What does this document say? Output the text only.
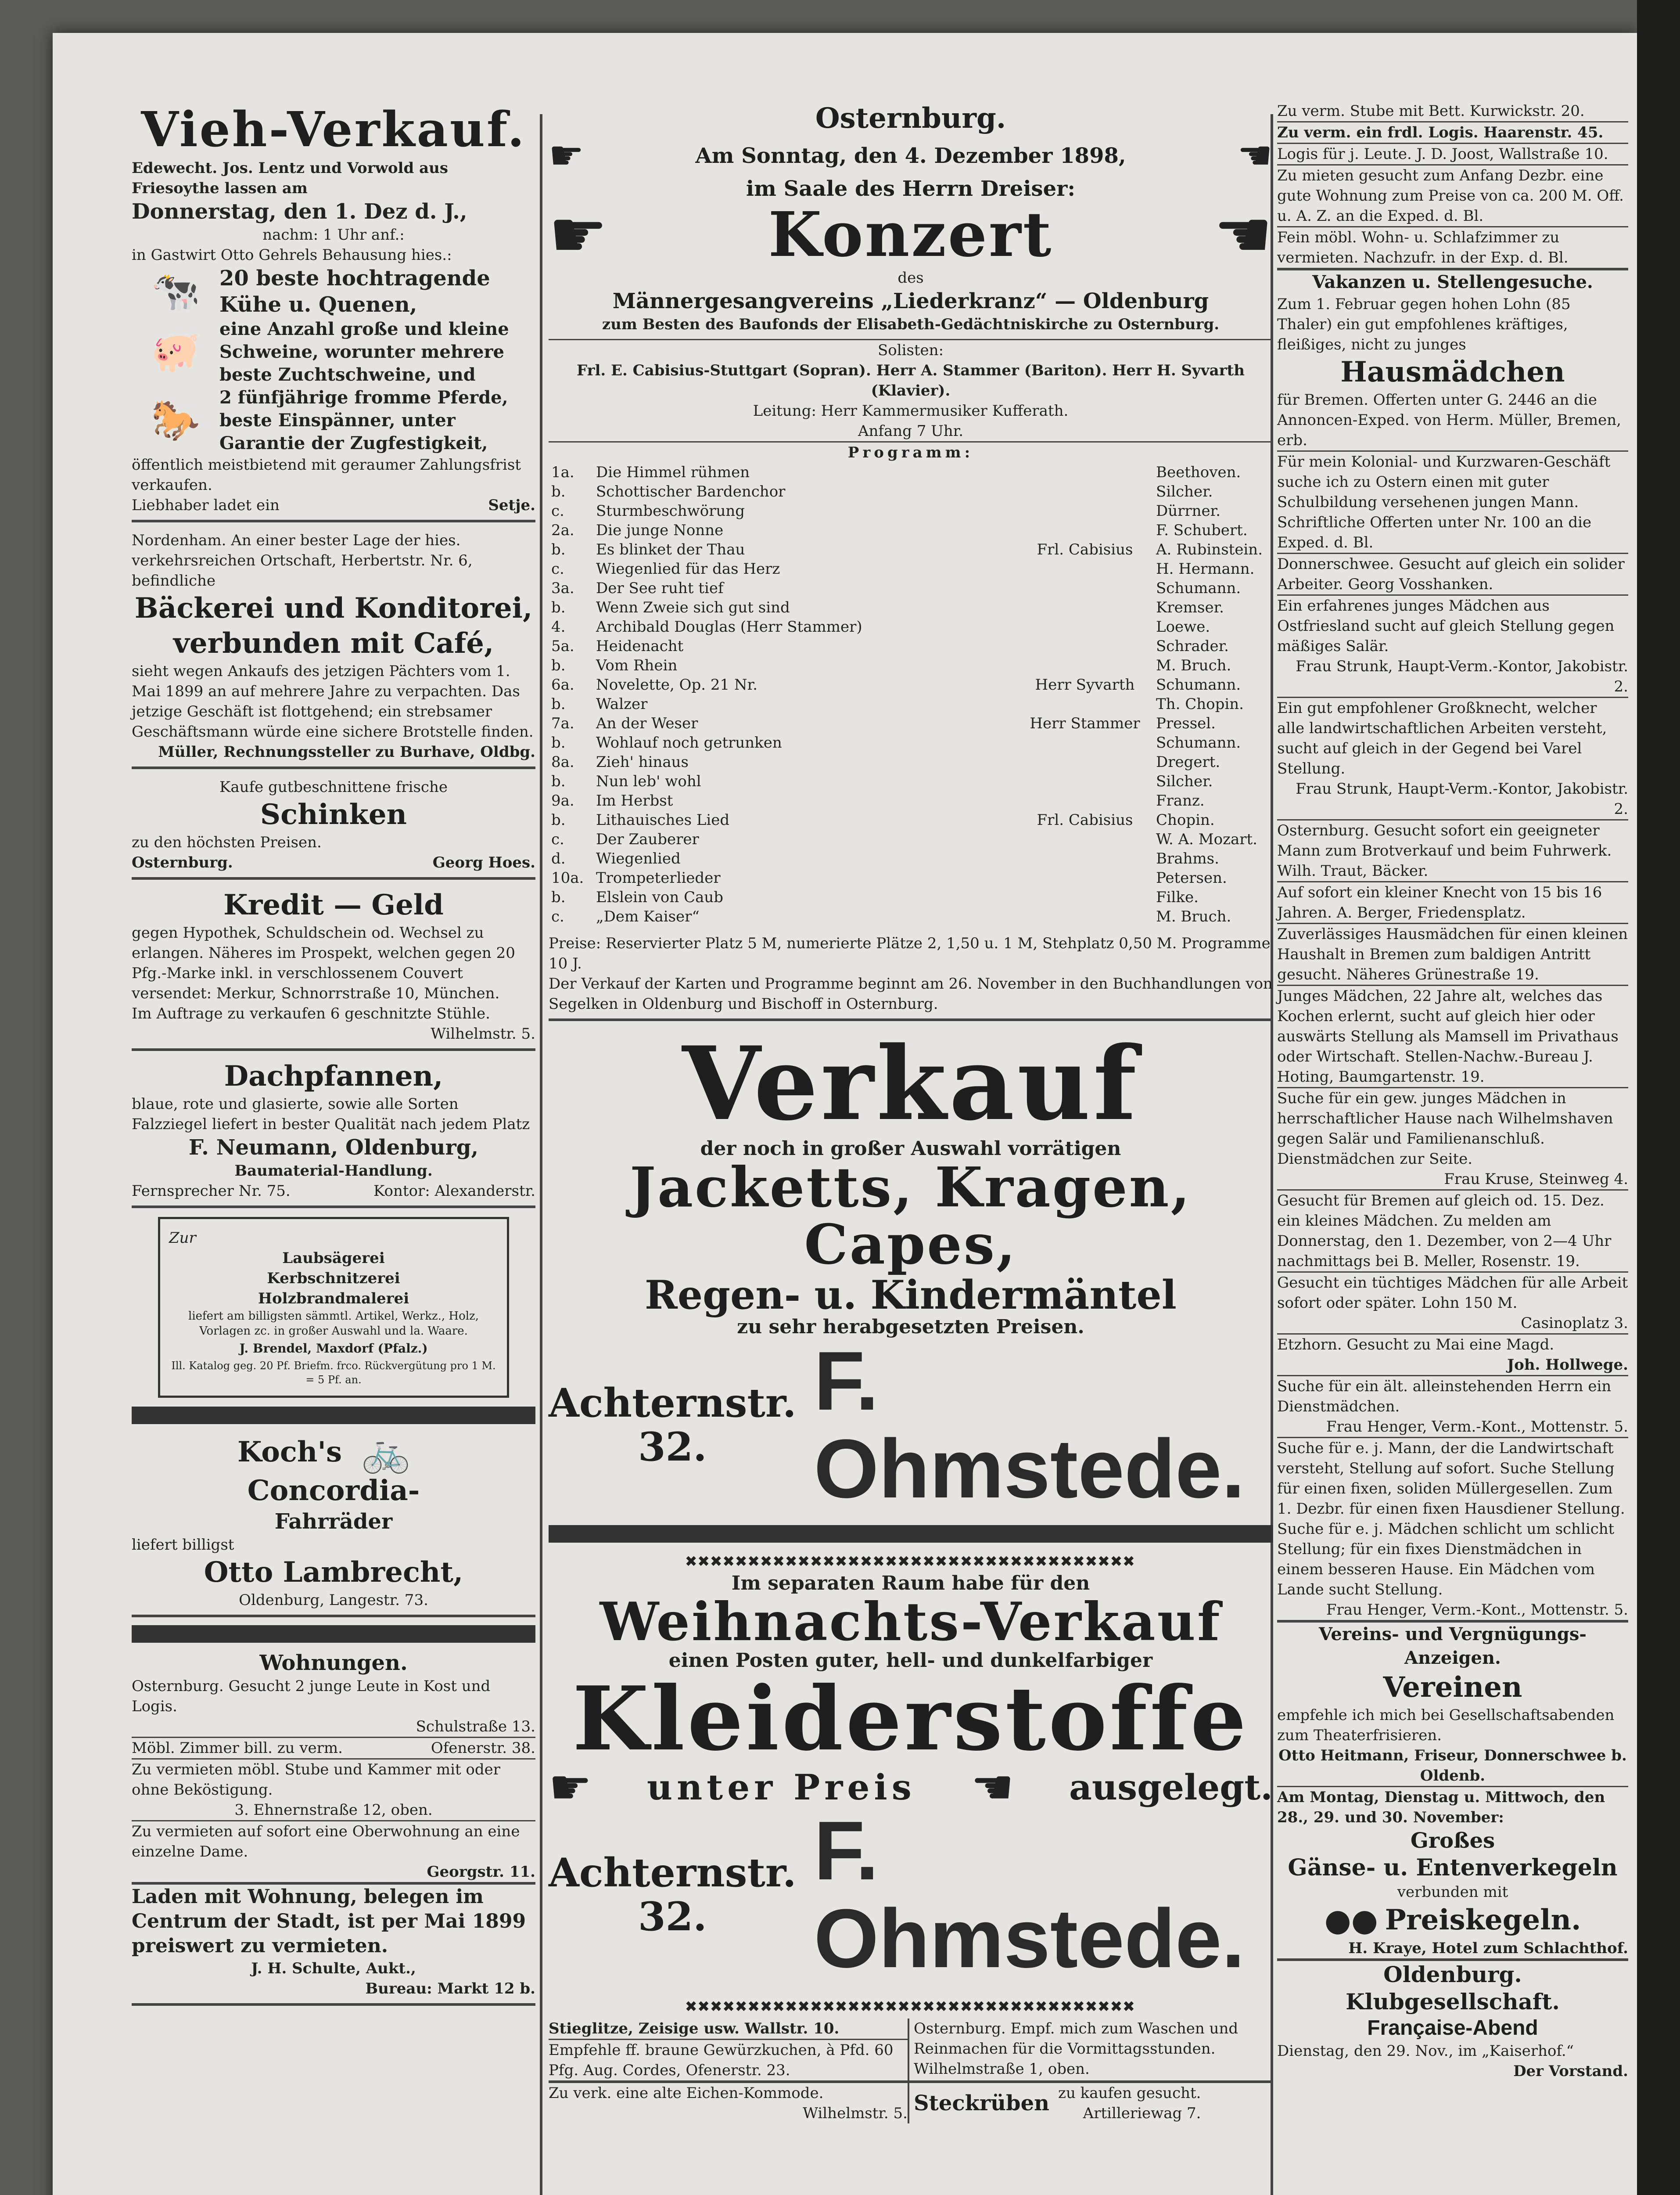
Vieh-Verkauf.

Edewecht. Jos. Lentz und Vorwold aus Friesoythe lassen am

Donnerstag, den 1. Dez d. J.,

nachm: 1 Uhr anf.:

in Gastwirt Otto Gehrels Behausung hies.:

🐄 20 beste hochtragende Kühe u. Quenen,

🐖	eine Anzahl große und kleine Schweine, worunter mehrere beste Zuchtschweine, und

🐎	2 fünfjährige fromme Pferde, beste Einspänner, unter Garantie der Zugfestigkeit,

öffentlich meistbietend mit geraumer Zahlungsfrist verkaufen.

Liebhaber ladet ein	Setje.

Nordenham. An einer bester Lage der hies. verkehrsreichen Ortschaft, Herbertstr. Nr. 6, befindliche

Bäckerei und Konditorei, verbunden mit Café,

sieht wegen Ankaufs des jetzigen Pächters vom 1. Mai 1899 an auf mehrere Jahre zu verpachten. Das jetzige Geschäft ist flottgehend; ein strebsamer Geschäftsmann würde eine sichere Brotstelle finden.

Müller, Rechnungssteller zu Burhave, Oldbg.

Kaufe gutbeschnittene frische

Schinken

zu den höchsten Preisen.

Osternburg.	Georg Hoes.

Kredit — Geld

gegen Hypothek, Schuldschein od. Wechsel zu erlangen. Näheres im Prospekt, welchen gegen 20 Pfg.-Marke inkl. in verschlossenem Couvert versendet: Merkur, Schnorrstraße 10, München.

Im Auftrage zu verkaufen 6 geschnitzte Stühle.

Wilhelmstr. 5.

Dachpfannen,

blaue, rote und glasierte, sowie alle Sorten Falzziegel liefert in bester Qualität nach jedem Platz

F. Neumann, Oldenburg,

Baumaterial-Handlung.

Fernsprecher Nr. 75.	Kontor: Alexanderstr.

Zur

Laubsägerei

Kerbschnitzerei

Holzbrandmalerei

liefert am billigsten sämmtl. Artikel, Werkz., Holz, Vorlagen zc. in großer Auswahl und la. Waare.

J. Brendel, Maxdorf (Pfalz.)

Ill. Katalog geg. 20 Pf. Briefm. frco. Rückvergütung pro 1 M. = 5 Pf. an.

Koch's 🚲
Concordia-
Fahrräder

liefert billigst

Otto Lambrecht,

Oldenburg, Langestr. 73.

Wohnungen.

Osternburg. Gesucht 2 junge Leute in Kost und Logis.

Schulstraße 13.

Möbl. Zimmer bill. zu verm.	Ofenerstr. 38.

Zu vermieten möbl. Stube und Kammer mit oder ohne Beköstigung.

3. Ehnernstraße 12, oben.

Zu vermieten auf sofort eine Oberwohnung an eine einzelne Dame.

Georgstr. 11.

Laden mit Wohnung, belegen im Centrum der Stadt, ist per Mai 1899 preiswert zu vermieten.

J. H. Schulte, Aukt.,

Bureau: Markt 12 b.

Osternburg.
☛	Am Sonntag, den 4. Dezember 1898,	☚
im Saale des Herrn Dreiser:
☛	Konzert ☚

des

Männergesangvereins „Liederkranz“ — Oldenburg

zum Besten des Baufonds der Elisabeth-Gedächtniskirche zu Osternburg.

Solisten:

Frl. E. Cabisius-Stuttgart (Sopran). Herr A. Stammer (Bariton). Herr H. Syvarth (Klavier).

Leitung: Herr Kammermusiker Kufferath.

Anfang 7 Uhr.

Programm:

1a.	Die Himmel rühmen		Beethoven.
b.	Schottischer Bardenchor		Silcher.
c.	Sturmbeschwörung		Dürrner.
2a.	Die junge Nonne		F. Schubert.
b.	Es blinket der Thau	Frl. Cabisius	A. Rubinstein.
c.	Wiegenlied für das Herz		H. Hermann.
3a.	Der See ruht tief		Schumann.
b.	Wenn Zweie sich gut sind		Kremser.
4.	Archibald Douglas (Herr Stammer)		Loewe.
5a.	Heidenacht		Schrader.
b.	Vom Rhein		M. Bruch.
6a.	Novelette, Op. 21 Nr.	Herr Syvarth	Schumann.
b.	Walzer		Th. Chopin.
7a.	An der Weser	Herr Stammer	Pressel.
b.	Wohlauf noch getrunken		Schumann.
8a.	Zieh' hinaus		Dregert.
b.	Nun leb' wohl		Silcher.
9a.	Im Herbst		Franz.
b.	Lithauisches Lied	Frl. Cabisius	Chopin.
c.	Der Zauberer		W. A. Mozart.
d.	Wiegenlied		Brahms.
10a.	Trompeterlieder		Petersen.
b.	Elslein von Caub		Filke.
c.	„Dem Kaiser“		M. Bruch.

Preise: Reservierter Platz 5 M, numerierte Plätze 2, 1,50 u. 1 M, Stehplatz 0,50 M. Programme 10 J.

Der Verkauf der Karten und Programme beginnt am 26. November in den Buchhandlungen von Segelken in Oldenburg und Bischoff in Osternburg.

Verkauf

der noch in großer Auswahl vorrätigen

Jacketts, Kragen, Capes,
Regen- u. Kindermäntel

zu sehr herabgesetzten Preisen.

Achternstr.
32.
F. Ohmstede.
✖✖✖✖✖✖✖✖✖✖✖✖✖✖✖✖✖✖✖✖✖✖✖✖✖✖✖✖✖✖✖✖✖✖✖✖

Im separaten Raum habe für den

Weihnachts-Verkauf

einen Posten guter, hell- und dunkelfarbiger

Kleiderstoffe
☛ unter Preis ☚ ausgelegt.
Achternstr.
32.
F. Ohmstede.
✖✖✖✖✖✖✖✖✖✖✖✖✖✖✖✖✖✖✖✖✖✖✖✖✖✖✖✖✖✖✖✖✖✖✖✖

Stieglitze, Zeisige usw. Wallstr. 10.

Empfehle ff. braune Gewürzkuchen, à Pfd. 60 Pfg. Aug. Cordes, Ofenerstr. 23.

Osternburg. Empf. mich zum Waschen und Reinmachen für die Vormittagsstunden. Wilhelmstraße 1, oben.

Zu verk. eine alte Eichen-Kommode.

Wilhelmstr. 5. Steckrüben zu kaufen gesucht.

Artilleriewag 7.

Zu verm. Stube mit Bett. Kurwickstr. 20.

Zu verm. ein frdl. Logis. Haarenstr. 45.

Logis für j. Leute. J. D. Joost, Wallstraße 10.

Zu mieten gesucht zum Anfang Dezbr. eine gute Wohnung zum Preise von ca. 200 M. Off. u. A. Z. an die Exped. d. Bl.

Fein möbl. Wohn- u. Schlafzimmer zu vermieten. Nachzufr. in der Exp. d. Bl.

Vakanzen u. Stellengesuche.

Zum 1. Februar gegen hohen Lohn (85 Thaler) ein gut empfohlenes kräftiges, fleißiges, nicht zu junges

Hausmädchen

für Bremen. Offerten unter G. 2446 an die Annoncen-Exped. von Herm. Müller, Bremen, erb.

Für mein Kolonial- und Kurzwaren-Geschäft suche ich zu Ostern einen mit guter Schulbildung versehenen jungen Mann. Schriftliche Offerten unter Nr. 100 an die Exped. d. Bl.

Donnerschwee. Gesucht auf gleich ein solider Arbeiter. Georg Vosshanken.

Ein erfahrenes junges Mädchen aus Ostfriesland sucht auf gleich Stellung gegen mäßiges Salär.

Frau Strunk, Haupt-Verm.-Kontor, Jakobistr. 2.

Ein gut empfohlener Großknecht, welcher alle landwirtschaftlichen Arbeiten versteht, sucht auf gleich in der Gegend bei Varel Stellung.

Frau Strunk, Haupt-Verm.-Kontor, Jakobistr. 2.

Osternburg. Gesucht sofort ein geeigneter Mann zum Brotverkauf und beim Fuhrwerk. Wilh. Traut, Bäcker.

Auf sofort ein kleiner Knecht von 15 bis 16 Jahren. A. Berger, Friedensplatz.

Zuverlässiges Hausmädchen für einen kleinen Haushalt in Bremen zum baldigen Antritt gesucht. Näheres Grünestraße 19.

Junges Mädchen, 22 Jahre alt, welches das Kochen erlernt, sucht auf gleich hier oder auswärts Stellung als Mamsell im Privathaus oder Wirtschaft. Stellen-Nachw.-Bureau J. Hoting, Baumgartenstr. 19.

Suche für ein gew. junges Mädchen in herrschaftlicher Hause nach Wilhelmshaven gegen Salär und Familienanschluß. Dienstmädchen zur Seite.

Frau Kruse, Steinweg 4.

Gesucht für Bremen auf gleich od. 15. Dez. ein kleines Mädchen. Zu melden am Donnerstag, den 1. Dezember, von 2—4 Uhr nachmittags bei B. Meller, Rosenstr. 19.

Gesucht ein tüchtiges Mädchen für alle Arbeit sofort oder später. Lohn 150 M.

Casinoplatz 3.

Etzhorn. Gesucht zu Mai eine Magd.

Joh. Hollwege.

Suche für ein ält. alleinstehenden Herrn ein Dienstmädchen.

Frau Henger, Verm.-Kont., Mottenstr. 5.

Suche für e. j. Mann, der die Landwirtschaft versteht, Stellung auf sofort. Suche Stellung für einen fixen, soliden Müllergesellen. Zum 1. Dezbr. für einen fixen Hausdiener Stellung. Suche für e. j. Mädchen schlicht um schlicht Stellung; für ein fixes Dienstmädchen in einem besseren Hause. Ein Mädchen vom Lande sucht Stellung.

Frau Henger, Verm.-Kont., Mottenstr. 5.

Vereins- und Vergnügungs-Anzeigen.
Vereinen

empfehle ich mich bei Gesellschaftsabenden zum Theaterfrisieren.

Otto Heitmann, Friseur, Donnerschwee b. Oldenb.

Am Montag, Dienstag u. Mittwoch, den 28., 29. und 30. November:

Großes
Gänse- u. Entenverkegeln

verbunden mit

●● Preiskegeln.

H. Kraye, Hotel zum Schlachthof.

Oldenburg. Klubgesellschaft.
Française-Abend

Dienstag, den 29. Nov., im „Kaiserhof.“

Der Vorstand.
